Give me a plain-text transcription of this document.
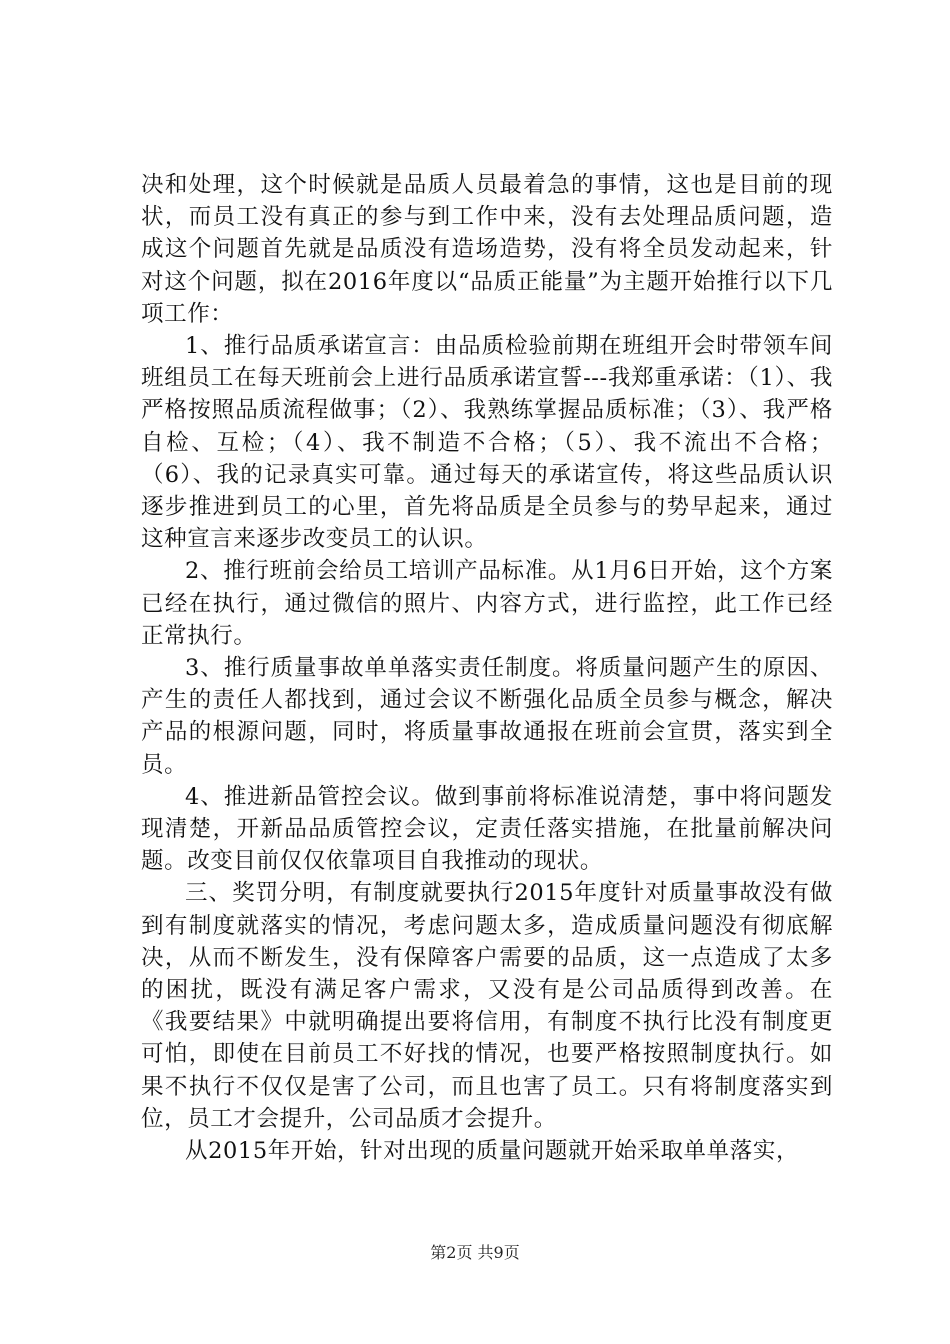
决和处理，这个时候就是品质人员最着急的事情，这也是目前的现状，而员工没有真正的参与到工作中来，没有去处理品质问题，造成这个问题首先就是品质没有造场造势，没有将全员发动起来，针对这个问题，拟在2016年度以“品质正能量”为主题开始推行以下几项工作：

1、推行品质承诺宣言：由品质检验前期在班组开会时带领车间班组员工在每天班前会上进行品质承诺宣誓---我郑重承诺：（1）、我严格按照品质流程做事；（2）、我熟练掌握品质标准；（3）、我严格自检、互检；（4）、我不制造不合格；（5）、我不流出不合格；（6）、我的记录真实可靠。通过每天的承诺宣传，将这些品质认识逐步推进到员工的心里，首先将品质是全员参与的势早起来，通过这种宣言来逐步改变员工的认识。

2、推行班前会给员工培训产品标准。从1月6日开始，这个方案已经在执行，通过微信的照片、内容方式，进行监控，此工作已经正常执行。

3、推行质量事故单单落实责任制度。将质量问题产生的原因、产生的责任人都找到，通过会议不断强化品质全员参与概念，解决产品的根源问题，同时，将质量事故通报在班前会宣贯，落实到全员。

4、推进新品管控会议。做到事前将标准说清楚，事中将问题发现清楚，开新品品质管控会议，定责任落实措施，在批量前解决问题。改变目前仅仅依靠项目自我推动的现状。

三、奖罚分明，有制度就要执行2015年度针对质量事故没有做到有制度就落实的情况，考虑问题太多，造成质量问题没有彻底解决，从而不断发生，没有保障客户需要的品质，这一点造成了太多的困扰，既没有满足客户需求，又没有是公司品质得到改善。在《我要结果》中就明确提出要将信用，有制度不执行比没有制度更可怕，即使在目前员工不好找的情况，也要严格按照制度执行。如果不执行不仅仅是害了公司，而且也害了员工。只有将制度落实到位，员工才会提升，公司品质才会提升。

从2015年开始，针对出现的质量问题就开始采取单单落实，

第2页 共9页
